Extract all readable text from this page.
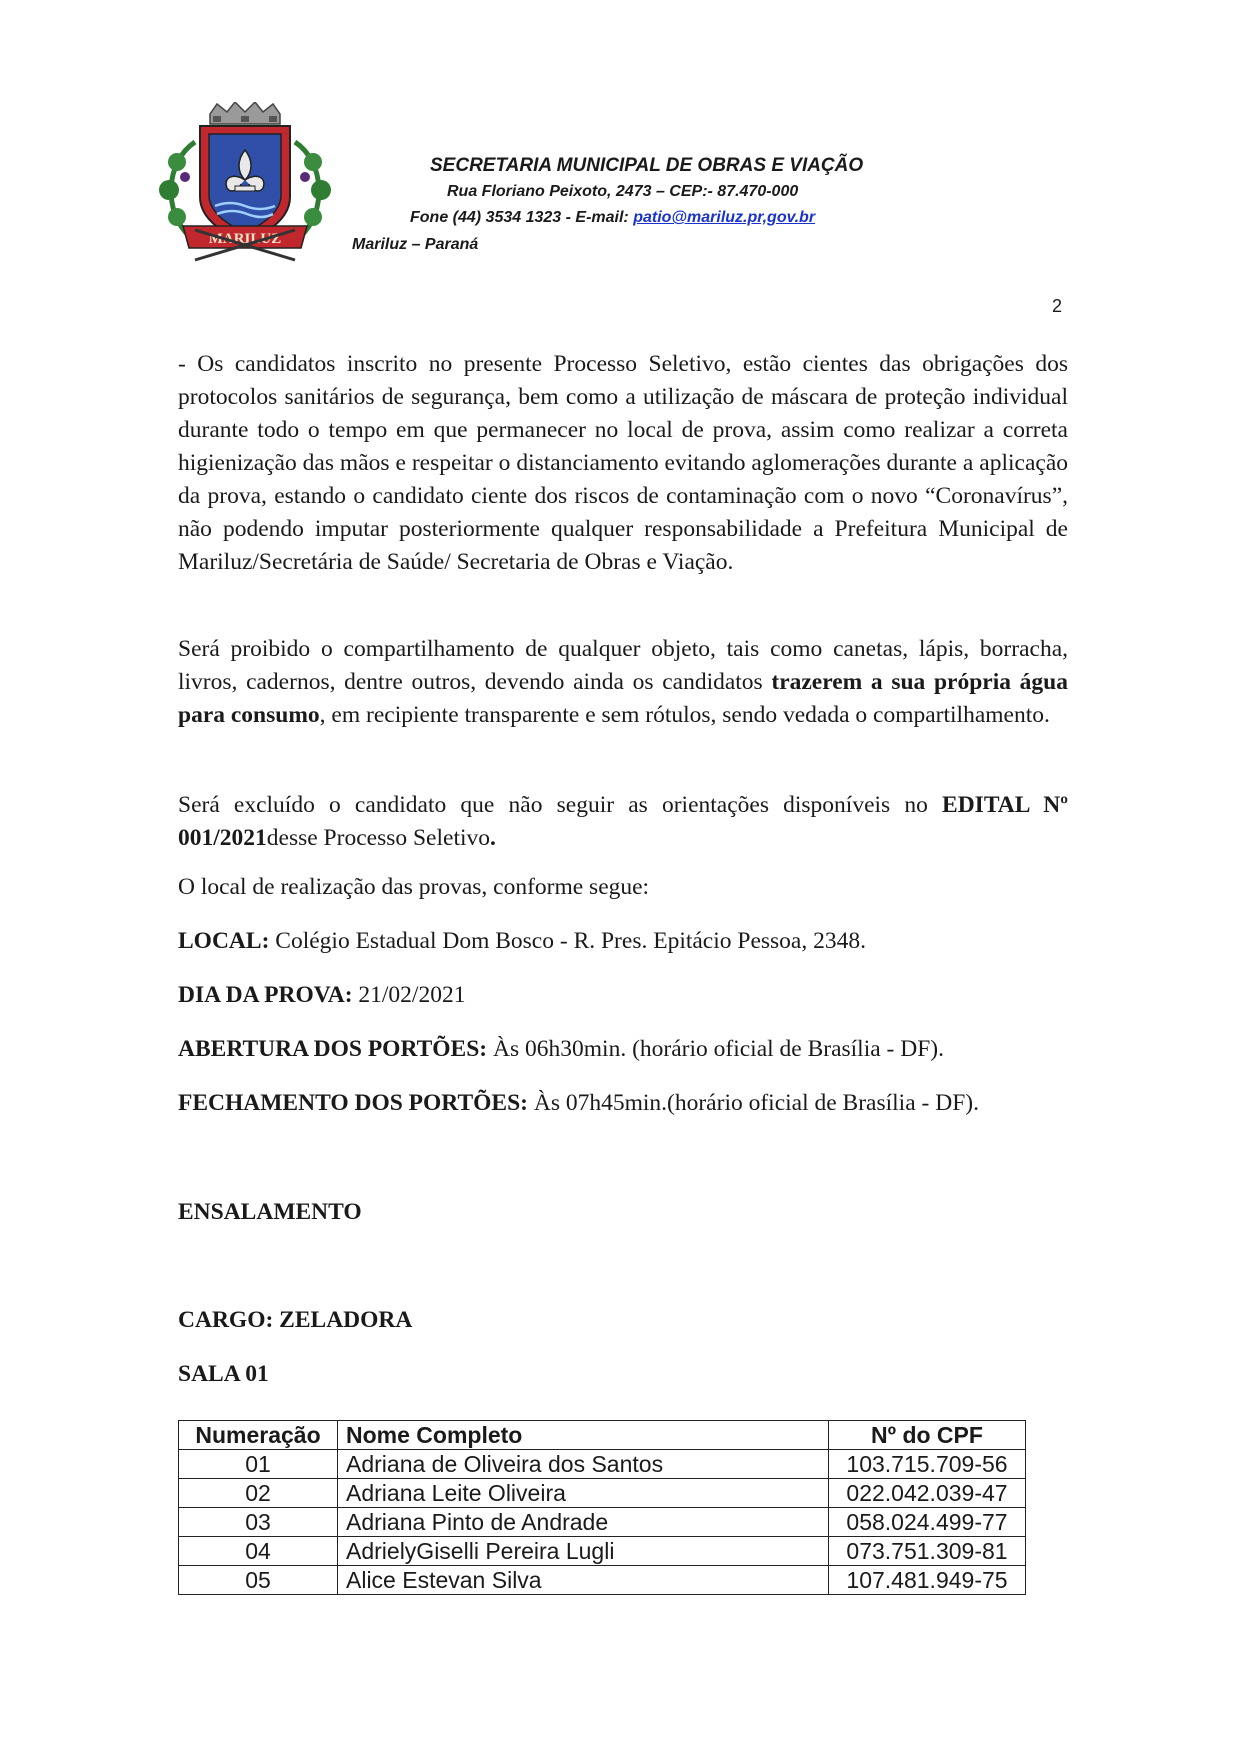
MARILUZ
SECRETARIA MUNICIPAL DE OBRAS E VIAÇÃO
Rua Floriano Peixoto, 2473 – CEP:- 87.470-000
Fone (44) 3534 1323 - E-mail: patio@mariluz.pr,gov.br
Mariluz – Paraná
2
- Os candidatos inscrito no presente Processo Seletivo, estão cientes das obrigações dos protocolos sanitários de segurança, bem como a utilização de máscara de proteção individual durante todo o tempo em que permanecer no local de prova, assim como realizar a correta higienização das mãos e respeitar o distanciamento evitando aglomerações durante a aplicação da prova, estando o candidato ciente dos riscos de contaminação com o novo “Coronavírus”, não podendo imputar posteriormente qualquer responsabilidade a Prefeitura Municipal de Mariluz/Secretária de Saúde/ Secretaria de Obras e Viação.
Será proibido o compartilhamento de qualquer objeto, tais como canetas, lápis, borracha, livros, cadernos, dentre outros, devendo ainda os candidatos trazerem a sua própria água para consumo, em recipiente transparente e sem rótulos, sendo vedada o compartilhamento.
Será excluído o candidato que não seguir as orientações disponíveis no EDITAL Nº 001/2021desse Processo Seletivo.
O local de realização das provas, conforme segue:
LOCAL: Colégio Estadual Dom Bosco - R. Pres. Epitácio Pessoa, 2348.
DIA DA PROVA: 21/02/2021
ABERTURA DOS PORTÕES: Às 06h30min. (horário oficial de Brasília - DF).
FECHAMENTO DOS PORTÕES: Às 07h45min.(horário oficial de Brasília - DF).
ENSALAMENTO
CARGO: ZELADORA
SALA 01
Numeração	Nome Completo	Nº do CPF
01	Adriana de Oliveira dos Santos	103.715.709-56
02	Adriana Leite Oliveira	022.042.039-47
03	Adriana Pinto de Andrade	058.024.499-77
04	AdrielyGiselli Pereira Lugli	073.751.309-81
05	Alice Estevan Silva	107.481.949-75
